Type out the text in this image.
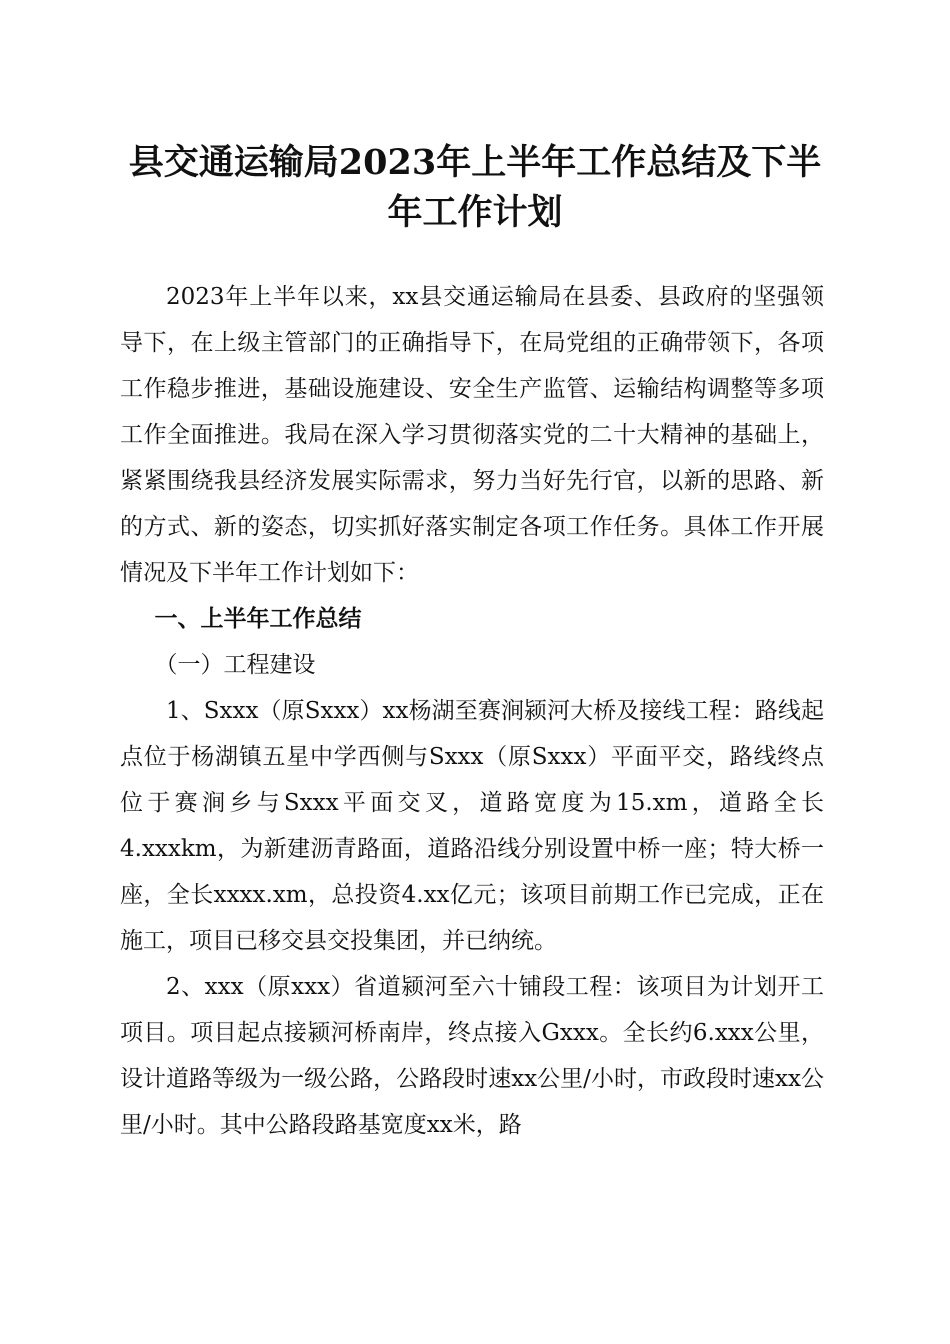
县交通运输局2023年上半年工作总结及下半
年工作计划

2023年上半年以来，xx县交通运输局在县委、县政府的坚强领导下，在上级主管部门的正确指导下，在局党组的正确带领下，各项工作稳步推进，基础设施建设、安全生产监管、运输结构调整等多项工作全面推进。我局在深入学习贯彻落实党的二十大精神的基础上，紧紧围绕我县经济发展实际需求，努力当好先行官，以新的思路、新的方式、新的姿态，切实抓好落实制定各项工作任务。具体工作开展情况及下半年工作计划如下：

一、上半年工作总结

（一）工程建设

1、Sxxx（原Sxxx）xx杨湖至赛涧颍河大桥及接线工程：路线起点位于杨湖镇五星中学西侧与Sxxx（原Sxxx）平面平交，路线终点位于赛涧乡与Sxxx平面交叉，道路宽度为15.xm，道路全长4.xxxkm，为新建沥青路面，道路沿线分别设置中桥一座；特大桥一座，全长xxxx.xm，总投资4.xx亿元；该项目前期工作已完成，正在施工，项目已移交县交投集团，并已纳统。

2、xxx（原xxx）省道颍河至六十铺段工程：该项目为计划开工项目。项目起点接颍河桥南岸，终点接入Gxxx。全长约6.xxx公里，设计道路等级为一级公路，公路段时速xx公里/小时，市政段时速xx公里/小时。其中公路段路基宽度xx米，路
